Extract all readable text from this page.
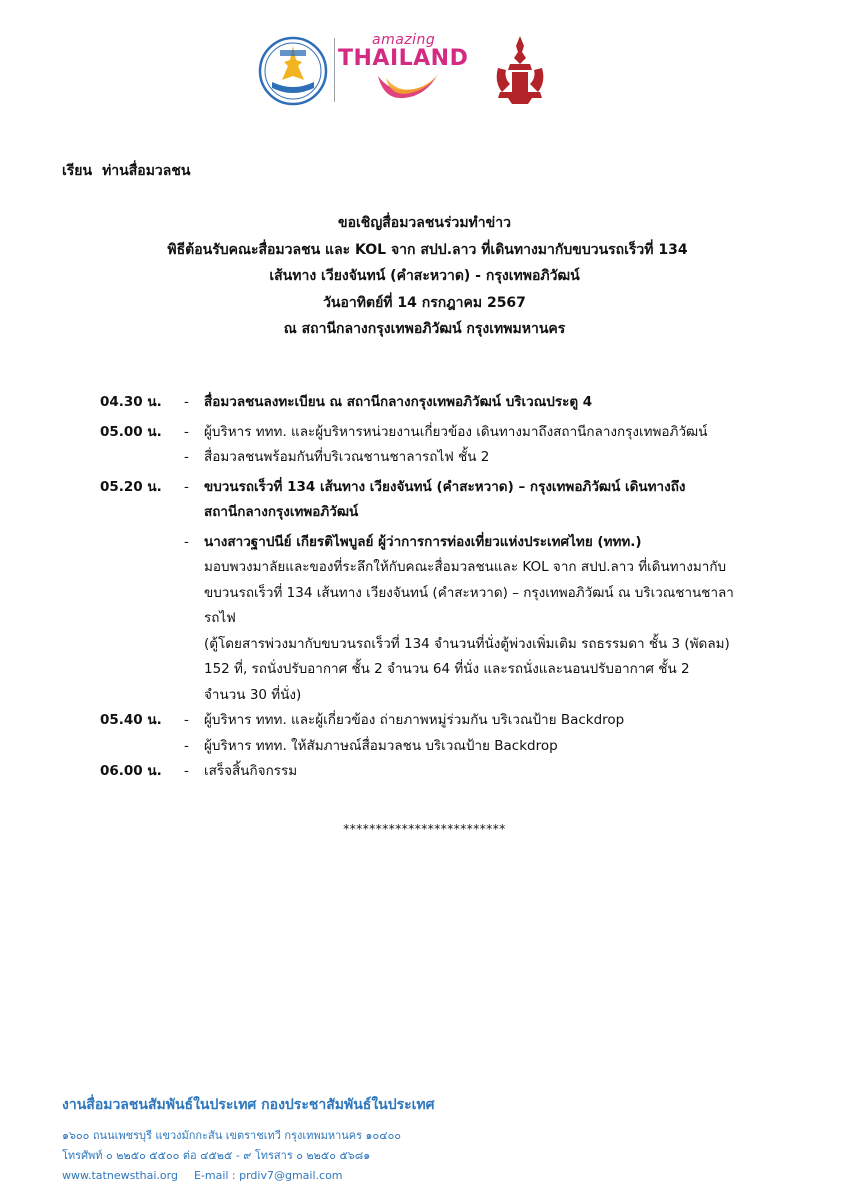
amazing
THAILAND
เรียน ท่านสื่อมวลชน
ขอเชิญสื่อมวลชนร่วมทำข่าว
พิธีต้อนรับคณะสื่อมวลชน และ KOL จาก สปป.ลาว ที่เดินทางมากับขบวนรถเร็วที่ 134
เส้นทาง เวียงจันทน์ (คำสะหวาด) - กรุงเทพอภิวัฒน์
วันอาทิตย์ที่ 14 กรกฎาคม 2567
ณ สถานีกลางกรุงเทพอภิวัฒน์ กรุงเทพมหานคร
04.30 น.	-	สื่อมวลชนลงทะเบียน ณ สถานีกลางกรุงเทพอภิวัฒน์ บริเวณประตู 4
05.00 น.	-	ผู้บริหาร ททท. และผู้บริหารหน่วยงานเกี่ยวข้อง เดินทางมาถึงสถานีกลางกรุงเทพอภิวัฒน์
-	สื่อมวลชนพร้อมกันที่บริเวณชานชาลารถไฟ ชั้น 2
05.20 น.	-	ขบวนรถเร็วที่ 134 เส้นทาง เวียงจันทน์ (คำสะหวาด) – กรุงเทพอภิวัฒน์ เดินทางถึง
สถานีกลางกรุงเทพอภิวัฒน์
-	นางสาวฐาปนีย์ เกียรติไพบูลย์ ผู้ว่าการการท่องเที่ยวแห่งประเทศไทย (ททท.)
มอบพวงมาลัยและของที่ระลึกให้กับคณะสื่อมวลชนและ KOL จาก สปป.ลาว ที่เดินทางมากับ
ขบวนรถเร็วที่ 134 เส้นทาง เวียงจันทน์ (คำสะหวาด) – กรุงเทพอภิวัฒน์ ณ บริเวณชานชาลา
รถไฟ
(ตู้โดยสารพ่วงมากับขบวนรถเร็วที่ 134 จำนวนที่นั่งตู้พ่วงเพิ่มเติม รถธรรมดา ชั้น 3 (พัดลม)
152 ที่, รถนั่งปรับอากาศ ชั้น 2 จำนวน 64 ที่นั่ง และรถนั่งและนอนปรับอากาศ ชั้น 2
จำนวน 30 ที่นั่ง)
05.40 น.	-	ผู้บริหาร ททท. และผู้เกี่ยวข้อง ถ่ายภาพหมู่ร่วมกัน บริเวณป้าย Backdrop
-	ผู้บริหาร ททท. ให้สัมภาษณ์สื่อมวลชน บริเวณป้าย Backdrop
06.00 น.	-	เสร็จสิ้นกิจกรรม
*************************
งานสื่อมวลชนสัมพันธ์ในประเทศ กองประชาสัมพันธ์ในประเทศ
๑๖๐๐ ถนนเพชรบุรี แขวงมักกะสัน เขตราชเทวี กรุงเทพมหานคร ๑๐๔๐๐
โทรศัพท์ ๐ ๒๒๕๐ ๕๕๐๐ ต่อ ๔๕๒๕ - ๙ โทรสาร ๐ ๒๒๕๐ ๕๖๘๑
www.tatnewsthai.org E-mail : prdiv7@gmail.com
